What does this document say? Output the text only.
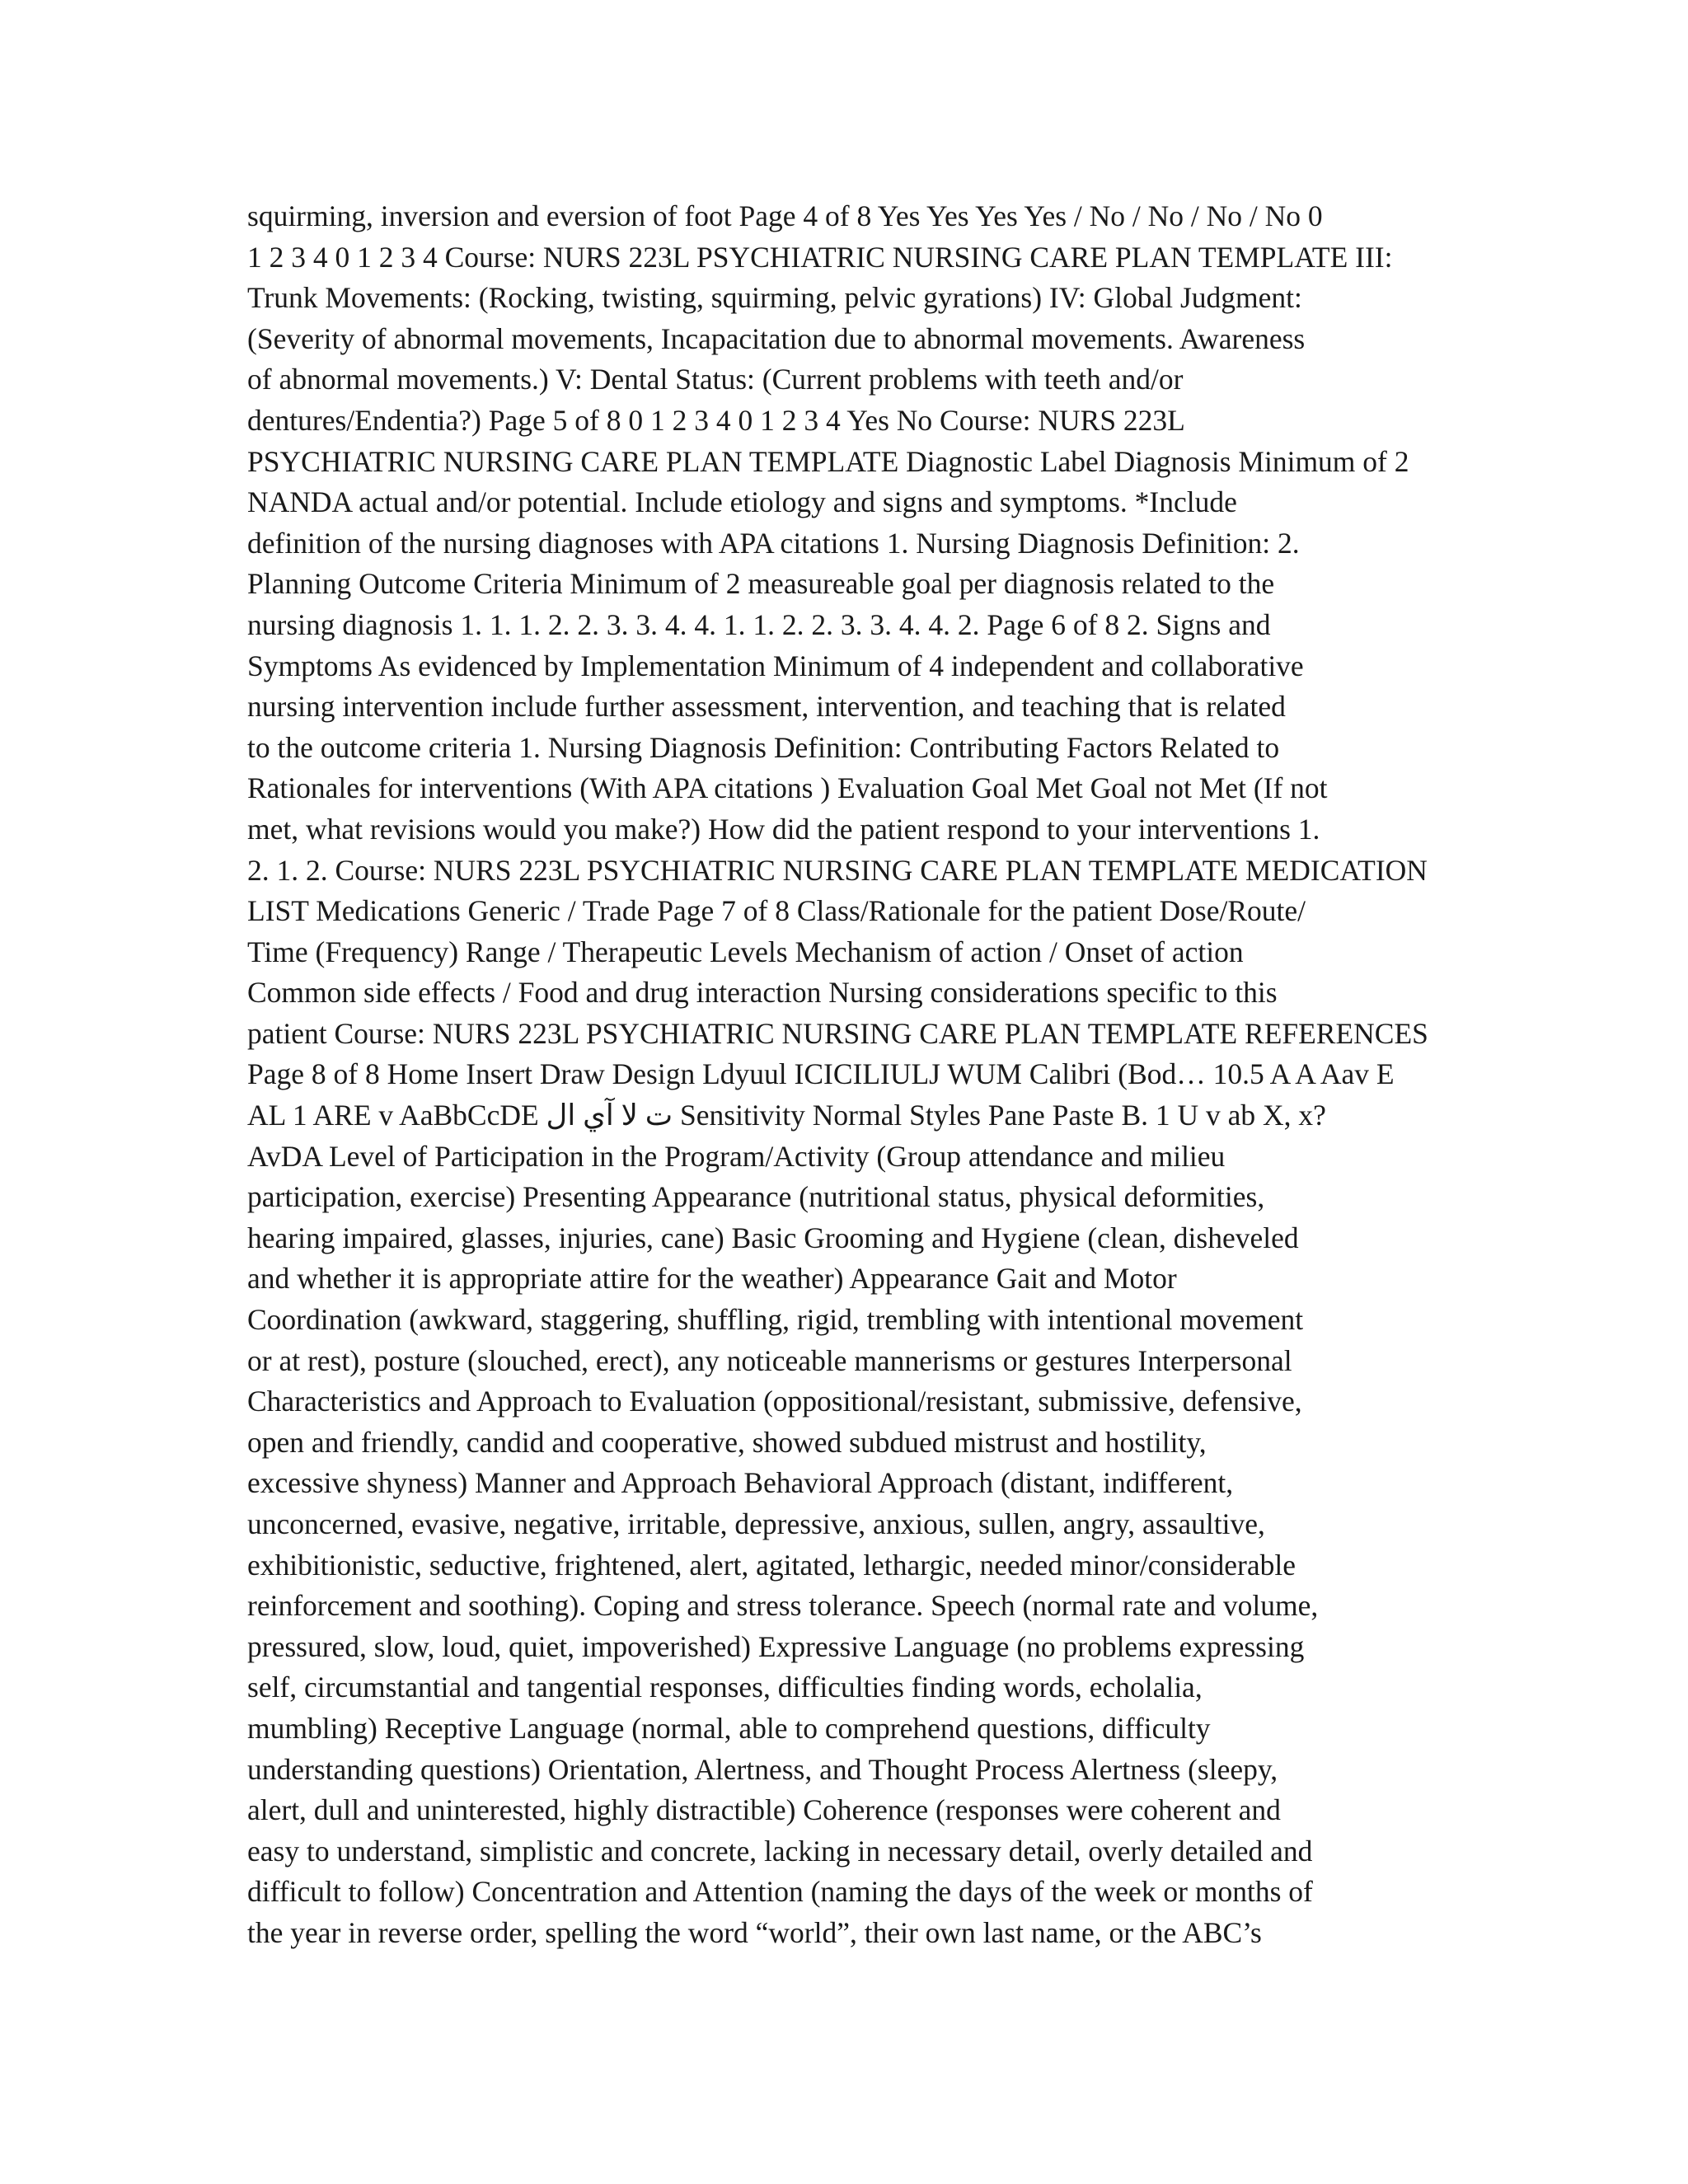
squirming, inversion and eversion of foot Page 4 of 8 Yes Yes Yes Yes / No / No / No / No 0
1 2 3 4 0 1 2 3 4 Course: NURS 223L PSYCHIATRIC NURSING CARE PLAN TEMPLATE III:
Trunk Movements: (Rocking, twisting, squirming, pelvic gyrations) IV: Global Judgment:
(Severity of abnormal movements, Incapacitation due to abnormal movements. Awareness
of abnormal movements.) V: Dental Status: (Current problems with teeth and/or
dentures/Endentia?) Page 5 of 8 0 1 2 3 4 0 1 2 3 4 Yes No Course: NURS 223L
PSYCHIATRIC NURSING CARE PLAN TEMPLATE Diagnostic Label Diagnosis Minimum of 2
NANDA actual and/or potential. Include etiology and signs and symptoms. *Include
definition of the nursing diagnoses with APA citations 1. Nursing Diagnosis Definition: 2.
Planning Outcome Criteria Minimum of 2 measureable goal per diagnosis related to the
nursing diagnosis 1. 1. 1. 2. 2. 3. 3. 4. 4. 1. 1. 2. 2. 3. 3. 4. 4. 2. Page 6 of 8 2. Signs and
Symptoms As evidenced by Implementation Minimum of 4 independent and collaborative
nursing intervention include further assessment, intervention, and teaching that is related
to the outcome criteria 1. Nursing Diagnosis Definition: Contributing Factors Related to
Rationales for interventions (With APA citations ) Evaluation Goal Met Goal not Met (If not
met, what revisions would you make?) How did the patient respond to your interventions 1.
2. 1. 2. Course: NURS 223L PSYCHIATRIC NURSING CARE PLAN TEMPLATE MEDICATION
LIST Medications Generic / Trade Page 7 of 8 Class/Rationale for the patient Dose/Route/
Time (Frequency) Range / Therapeutic Levels Mechanism of action / Onset of action
Common side effects / Food and drug interaction Nursing considerations specific to this
patient Course: NURS 223L PSYCHIATRIC NURSING CARE PLAN TEMPLATE REFERENCES
Page 8 of 8 Home Insert Draw Design Ldyuul ICICILIULJ WUM Calibri (Bod… 10.5 A A Aav E
AL 1 ARE v AaBbCcDE ت لا آي ال Sensitivity Normal Styles Pane Paste B. 1 U v ab X, x?
AvDA Level of Participation in the Program/Activity (Group attendance and milieu
participation, exercise) Presenting Appearance (nutritional status, physical deformities,
hearing impaired, glasses, injuries, cane) Basic Grooming and Hygiene (clean, disheveled
and whether it is appropriate attire for the weather) Appearance Gait and Motor
Coordination (awkward, staggering, shuffling, rigid, trembling with intentional movement
or at rest), posture (slouched, erect), any noticeable mannerisms or gestures Interpersonal
Characteristics and Approach to Evaluation (oppositional/resistant, submissive, defensive,
open and friendly, candid and cooperative, showed subdued mistrust and hostility,
excessive shyness) Manner and Approach Behavioral Approach (distant, indifferent,
unconcerned, evasive, negative, irritable, depressive, anxious, sullen, angry, assaultive,
exhibitionistic, seductive, frightened, alert, agitated, lethargic, needed minor/considerable
reinforcement and soothing). Coping and stress tolerance. Speech (normal rate and volume,
pressured, slow, loud, quiet, impoverished) Expressive Language (no problems expressing
self, circumstantial and tangential responses, difficulties finding words, echolalia,
mumbling) Receptive Language (normal, able to comprehend questions, difficulty
understanding questions) Orientation, Alertness, and Thought Process Alertness (sleepy,
alert, dull and uninterested, highly distractible) Coherence (responses were coherent and
easy to understand, simplistic and concrete, lacking in necessary detail, overly detailed and
difficult to follow) Concentration and Attention (naming the days of the week or months of
the year in reverse order, spelling the word “world”, their own last name, or the ABC’s
